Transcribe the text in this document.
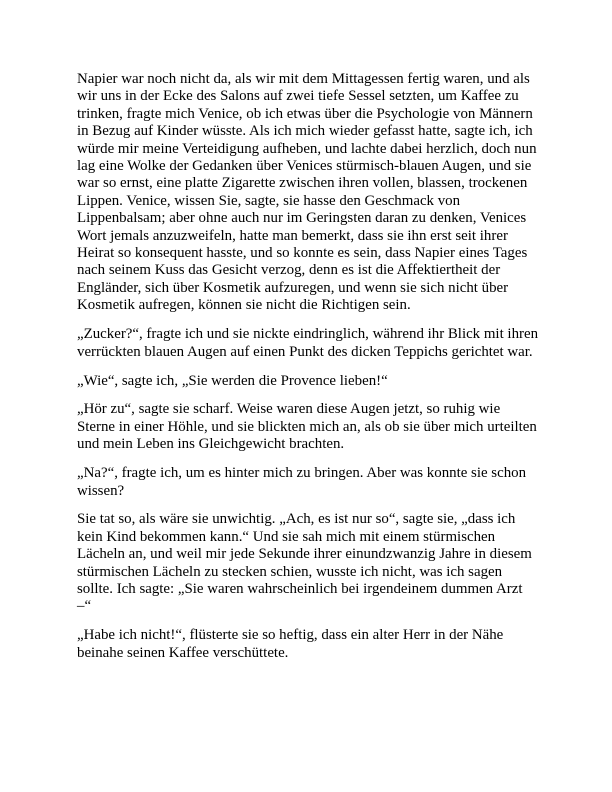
Napier war noch nicht da, als wir mit dem Mittagessen fertig waren, und als wir uns in der Ecke des Salons auf zwei tiefe Sessel setzten, um Kaffee zu trinken, fragte mich Venice, ob ich etwas über die Psychologie von Männern in Bezug auf Kinder wüsste. Als ich mich wieder gefasst hatte, sagte ich, ich würde mir meine Verteidigung aufheben, und lachte dabei herzlich, doch nun lag eine Wolke der Gedanken über Venices stürmisch-blauen Augen, und sie war so ernst, eine platte Zigarette zwischen ihren vollen, blassen, trockenen Lippen. Venice, wissen Sie, sagte, sie hasse den Geschmack von Lippenbalsam; aber ohne auch nur im Geringsten daran zu denken, Venices Wort jemals anzuzweifeln, hatte man bemerkt, dass sie ihn erst seit ihrer Heirat so konsequent hasste, und so konnte es sein, dass Napier eines Tages nach seinem Kuss das Gesicht verzog, denn es ist die Affektiertheit der Engländer, sich über Kosmetik aufzuregen, und wenn sie sich nicht über Kosmetik aufregen, können sie nicht die Richtigen sein.

„Zucker?“, fragte ich und sie nickte eindringlich, während ihr Blick mit ihren verrückten blauen Augen auf einen Punkt des dicken Teppichs gerichtet war.

„Wie“, sagte ich, „Sie werden die Provence lieben!“

„Hör zu“, sagte sie scharf. Weise waren diese Augen jetzt, so ruhig wie Sterne in einer Höhle, und sie blickten mich an, als ob sie über mich urteilten und mein Leben ins Gleichgewicht brachten.

„Na?“, fragte ich, um es hinter mich zu bringen. Aber was konnte sie schon wissen?

Sie tat so, als wäre sie unwichtig. „Ach, es ist nur so“, sagte sie, „dass ich kein Kind bekommen kann.“ Und sie sah mich mit einem stürmischen Lächeln an, und weil mir jede Sekunde ihrer einundzwanzig Jahre in diesem stürmischen Lächeln zu stecken schien, wusste ich nicht, was ich sagen sollte. Ich sagte: „Sie waren wahrscheinlich bei irgendeinem dummen Arzt –“

„Habe ich nicht!“, flüsterte sie so heftig, dass ein alter Herr in der Nähe beinahe seinen Kaffee verschüttete.
